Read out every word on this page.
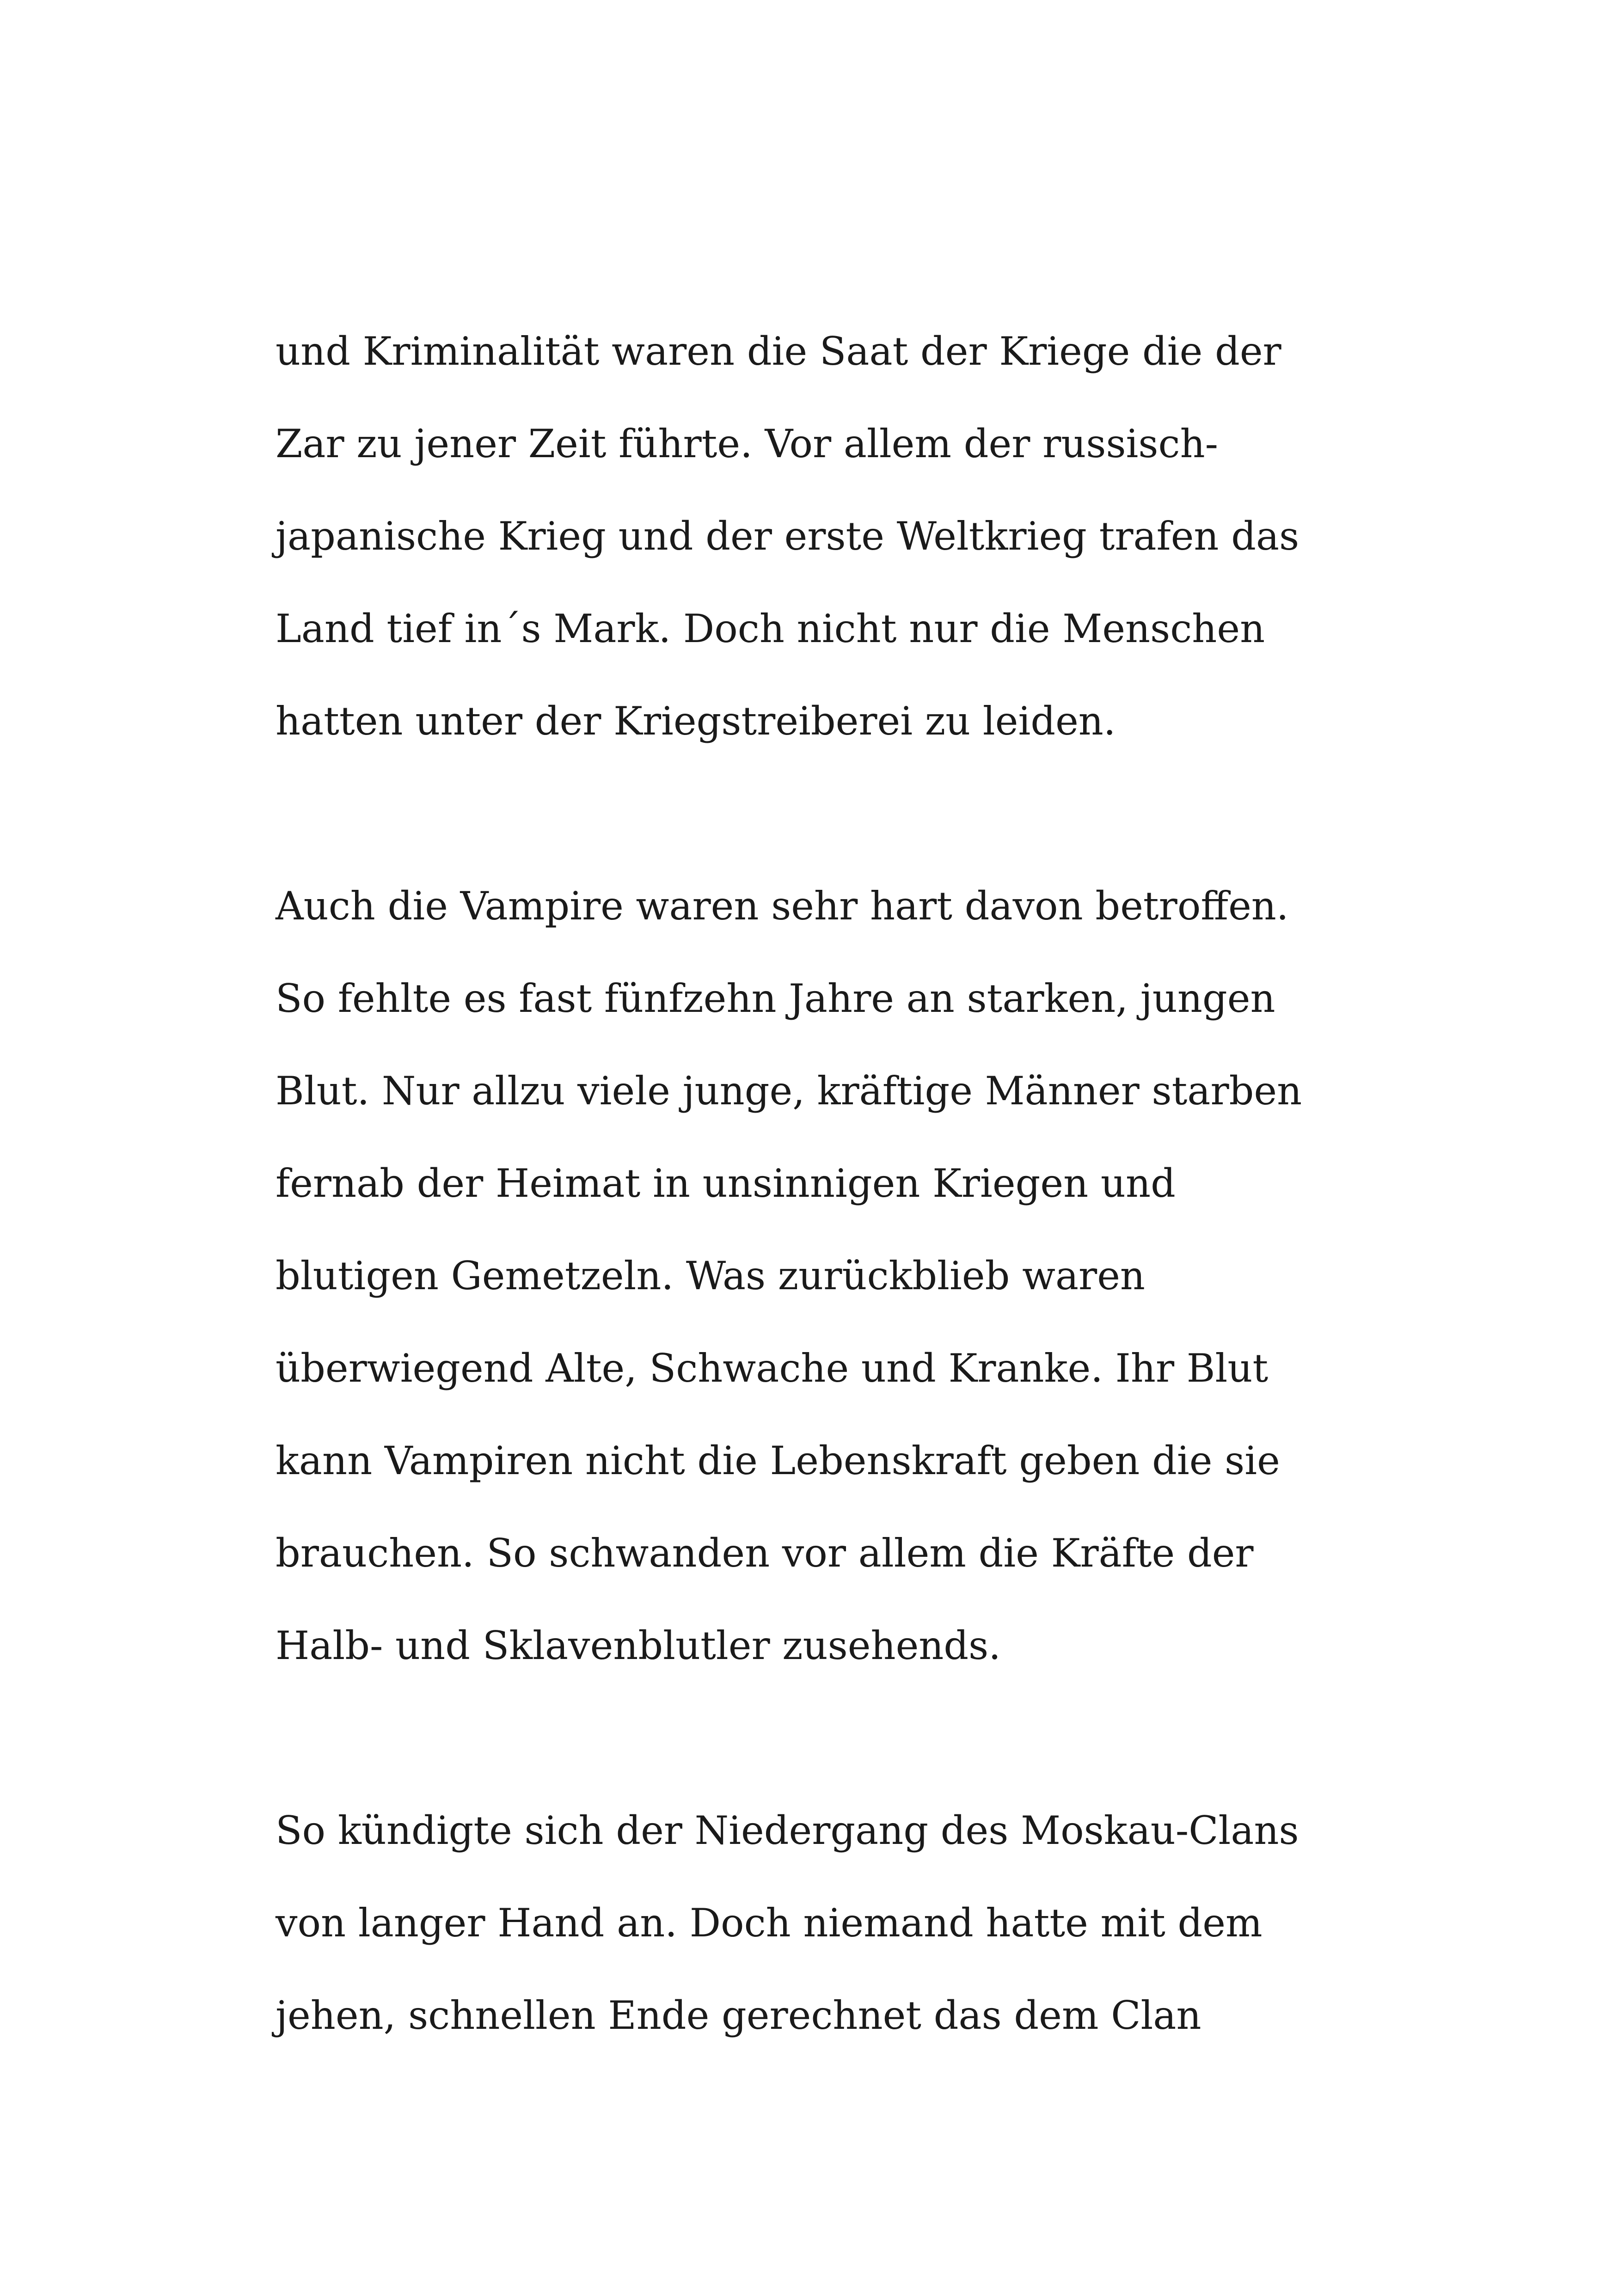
und Kriminalität waren die Saat der Kriege die der
Zar zu jener Zeit führte. Vor allem der russisch-
japanische Krieg und der erste Weltkrieg trafen das
Land tief in´s Mark. Doch nicht nur die Menschen
hatten unter der Kriegstreiberei zu leiden.

Auch die Vampire waren sehr hart davon betroffen.
So fehlte es fast fünfzehn Jahre an starken, jungen
Blut. Nur allzu viele junge, kräftige Männer starben
fernab der Heimat in unsinnigen Kriegen und
blutigen Gemetzeln. Was zurückblieb waren
überwiegend Alte, Schwache und Kranke. Ihr Blut
kann Vampiren nicht die Lebenskraft geben die sie
brauchen. So schwanden vor allem die Kräfte der
Halb- und Sklavenblutler zusehends.

So kündigte sich der Niedergang des Moskau-Clans
von langer Hand an. Doch niemand hatte mit dem
jehen, schnellen Ende gerechnet das dem Clan
